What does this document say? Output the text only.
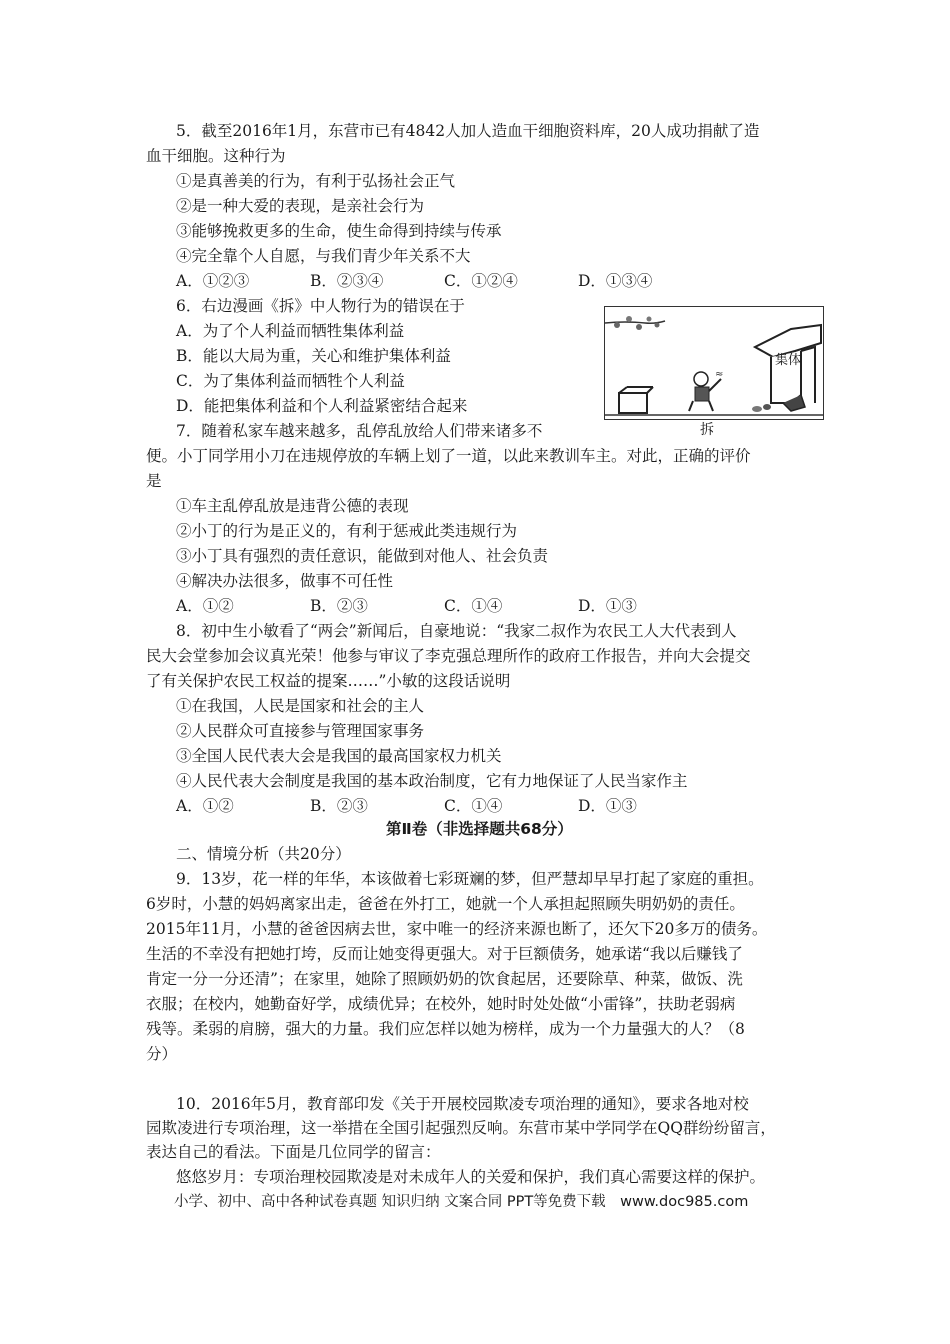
5．截至2016年1月，东营市已有4842人加人造血干细胞资料库，20人成功捐献了造
血干细胞。这种行为
①是真善美的行为，有利于弘扬社会正气
②是一种大爱的表现，是亲社会行为
③能够挽救更多的生命，使生命得到持续与传承
④完全靠个人自愿，与我们青少年关系不大
A．①②③	B．②③④	C．①②④	D．①③④
6．右边漫画《拆》中人物行为的错误在于
A．为了个人利益而牺牲集体利益
B．能以大局为重，关心和维护集体利益
C．为了集体利益而牺牲个人利益
D．能把集体利益和个人利益紧密结合起来
≈
集体
拆
7．随着私家车越来越多，乱停乱放给人们带来诸多不
便。小丁同学用小刀在违规停放的车辆上划了一道，以此来教训车主。对此，正确的评价
是
①车主乱停乱放是违背公德的表现
②小丁的行为是正义的，有利于惩戒此类违规行为
③小丁具有强烈的责任意识，能做到对他人、社会负责
④解决办法很多，做事不可任性
A．①②	B．②③	C．①④	D．①③
8．初中生小敏看了“两会”新闻后，自豪地说：“我家二叔作为农民工人大代表到人
民大会堂参加会议真光荣！他参与审议了李克强总理所作的政府工作报告，并向大会提交
了有关保护农民工权益的提案……”小敏的这段话说明
①在我国，人民是国家和社会的主人
②人民群众可直接参与管理国家事务
③全国人民代表大会是我国的最高国家权力机关
④人民代表大会制度是我国的基本政治制度，它有力地保证了人民当家作主
A．①②	B．②③	C．①④	D．①③
第Ⅱ卷（非选择题共68分）
二、情境分析（共20分）
9．13岁，花一样的年华，本该做着七彩斑斓的梦，但严慧却早早打起了家庭的重担。
6岁时，小慧的妈妈离家出走，爸爸在外打工，她就一个人承担起照顾失明奶奶的责任。
2015年11月，小慧的爸爸因病去世，家中唯一的经济来源也断了，还欠下20多万的债务。
生活的不幸没有把她打垮，反而让她变得更强大。对于巨额债务，她承诺“我以后赚钱了
肯定一分一分还清”；在家里，她除了照顾奶奶的饮食起居，还要除草、种菜，做饭、洗
衣服；在校内，她勤奋好学，成绩优异；在校外，她时时处处做“小雷锋”，扶助老弱病
残等。柔弱的肩膀，强大的力量。我们应怎样以她为榜样，成为一个力量强大的人？（8
分）
10．2016年5月，教育部印发《关于开展校园欺凌专项治理的通知》，要求各地对校
园欺凌进行专项治理，这一举措在全国引起强烈反响。东营市某中学同学在QQ群纷纷留言，
表达自己的看法。下面是几位同学的留言：
悠悠岁月：专项治理校园欺凌是对未成年人的关爱和保护，我们真心需要这样的保护。
小学、初中、高中各种试卷真题 知识归纳 文案合同 PPT等免费下载　www.doc985.com
